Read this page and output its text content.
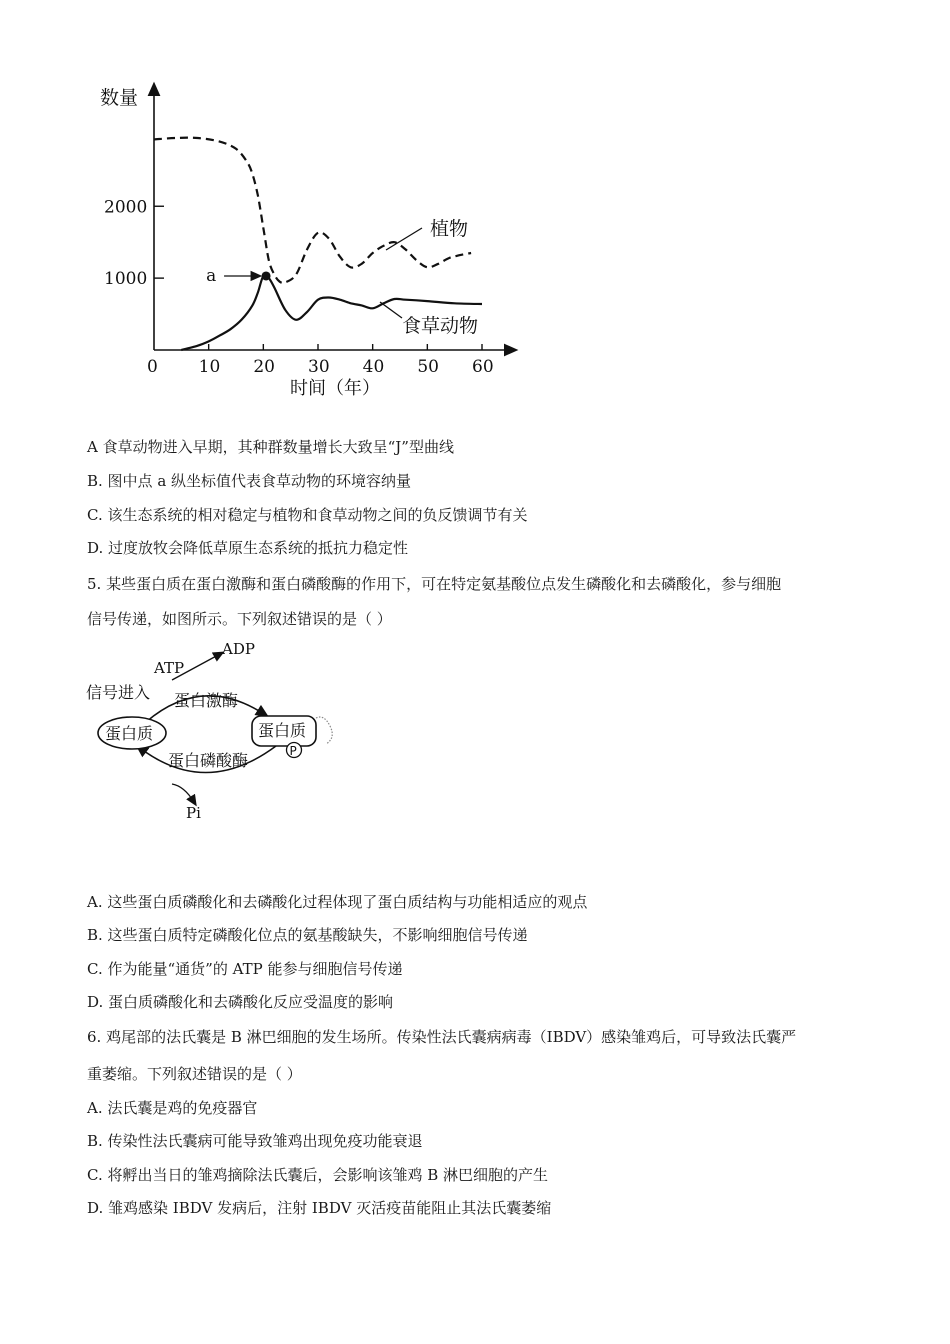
数量
时间（年）
0 10 20 30 40 50 60
1000
2000
a
植物
食草动物
A 食草动物进入早期，其种群数量增长大致呈“J”型曲线
B. 图中点 a 纵坐标值代表食草动物的环境容纳量
C. 该生态系统的相对稳定与植物和食草动物之间的负反馈调节有关
D. 过度放牧会降低草原生态系统的抵抗力稳定性
5. 某些蛋白质在蛋白激酶和蛋白磷酸酶的作用下，可在特定氨基酸位点发生磷酸化和去磷酸化，参与细胞
信号传递，如图所示。下列叙述错误的是（ ）
ADP
ATP
信号进入 蛋白激酶
蛋白质	蛋白质
P
蛋白磷酸酶
Pi
A. 这些蛋白质磷酸化和去磷酸化过程体现了蛋白质结构与功能相适应的观点
B. 这些蛋白质特定磷酸化位点的氨基酸缺失，不影响细胞信号传递
C. 作为能量“通货”的 ATP 能参与细胞信号传递
D. 蛋白质磷酸化和去磷酸化反应受温度的影响
6. 鸡尾部的法氏囊是 B 淋巴细胞的发生场所。传染性法氏囊病病毒（IBDV）感染雏鸡后，可导致法氏囊严
重萎缩。下列叙述错误的是（ ）
A. 法氏囊是鸡的免疫器官
B. 传染性法氏囊病可能导致雏鸡出现免疫功能衰退
C. 将孵出当日的雏鸡摘除法氏囊后，会影响该雏鸡 B 淋巴细胞的产生
D. 雏鸡感染 IBDV 发病后，注射 IBDV 灭活疫苗能阻止其法氏囊萎缩
